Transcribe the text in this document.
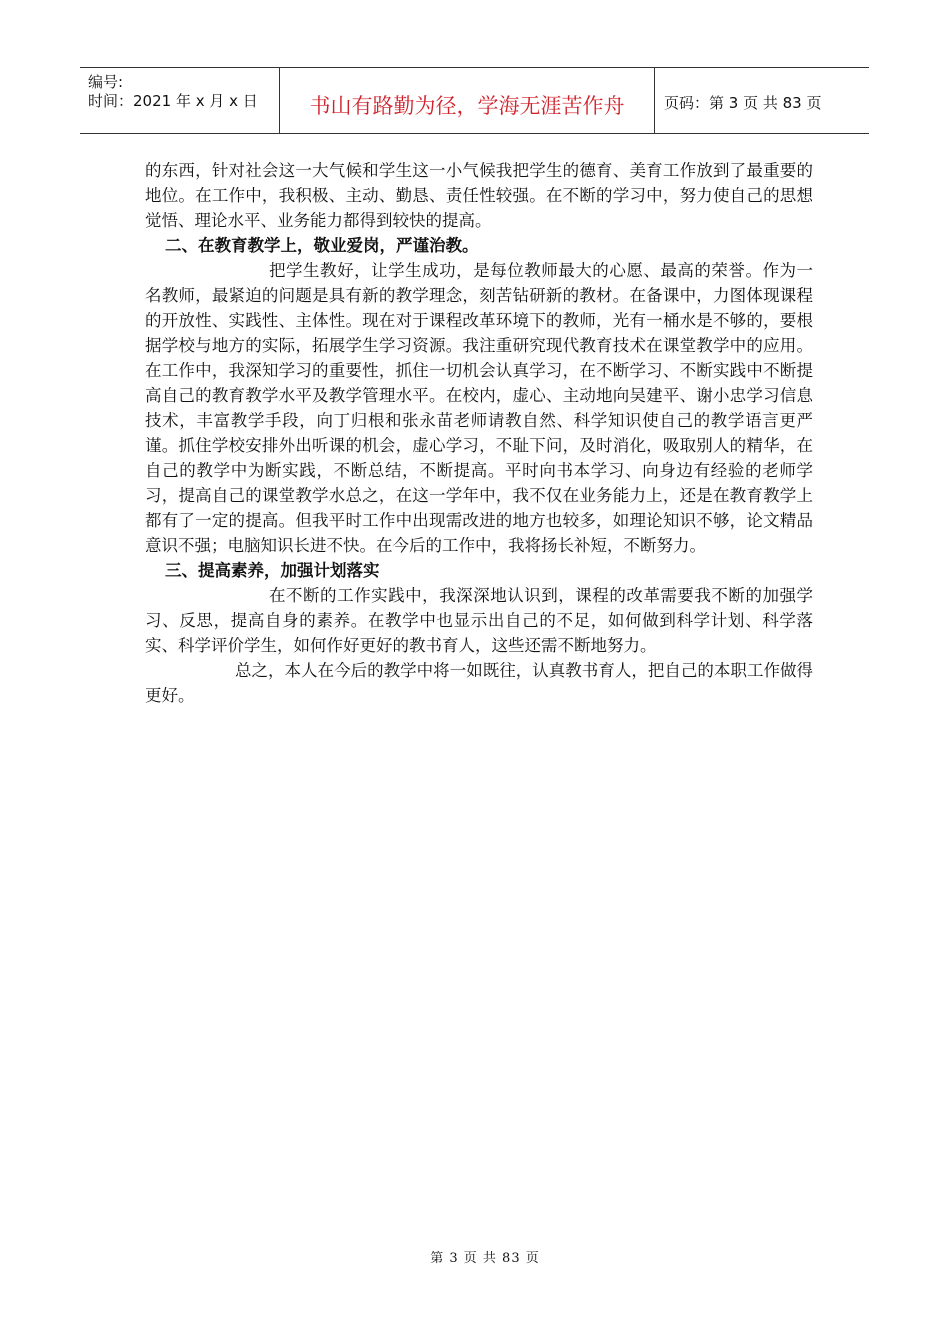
编号:
时间：2021 年 x 月 x 日	书山有路勤为径，学海无涯苦作舟	页码：第 3 页 共 83 页

的东西，针对社会这一大气候和学生这一小气候我把学生的德育、美育工作放到了最重要的地位。在工作中，我积极、主动、勤恳、责任性较强。在不断的学习中，努力使自己的思想觉悟、理论水平、业务能力都得到较快的提高。

二、在教育教学上，敬业爱岗，严谨治教。

把学生教好，让学生成功，是每位教师最大的心愿、最高的荣誉。作为一名教师，最紧迫的问题是具有新的教学理念，刻苦钻研新的教材。在备课中，力图体现课程的开放性、实践性、主体性。现在对于课程改革环境下的教师，光有一桶水是不够的，要根据学校与地方的实际，拓展学生学习资源。我注重研究现代教育技术在课堂教学中的应用。在工作中，我深知学习的重要性，抓住一切机会认真学习，在不断学习、不断实践中不断提高自己的教育教学水平及教学管理水平。在校内，虚心、主动地向吴建平、谢小忠学习信息技术，丰富教学手段，向丁归根和张永苗老师请教自然、科学知识使自己的教学语言更严谨。抓住学校安排外出听课的机会，虚心学习，不耻下问，及时消化，吸取别人的精华，在自己的教学中为断实践，不断总结，不断提高。平时向书本学习、向身边有经验的老师学习，提高自己的课堂教学水总之，在这一学年中，我不仅在业务能力上，还是在教育教学上都有了一定的提高。但我平时工作中出现需改进的地方也较多，如理论知识不够，论文精品意识不强；电脑知识长进不快。在今后的工作中，我将扬长补短，不断努力。

三、提高素养，加强计划落实

在不断的工作实践中，我深深地认识到，课程的改革需要我不断的加强学习、反思，提高自身的素养。在教学中也显示出自己的不足，如何做到科学计划、科学落实、科学评价学生，如何作好更好的教书育人，这些还需不断地努力。

总之，本人在今后的教学中将一如既往，认真教书育人，把自己的本职工作做得更好。

第 3 页 共 83 页
